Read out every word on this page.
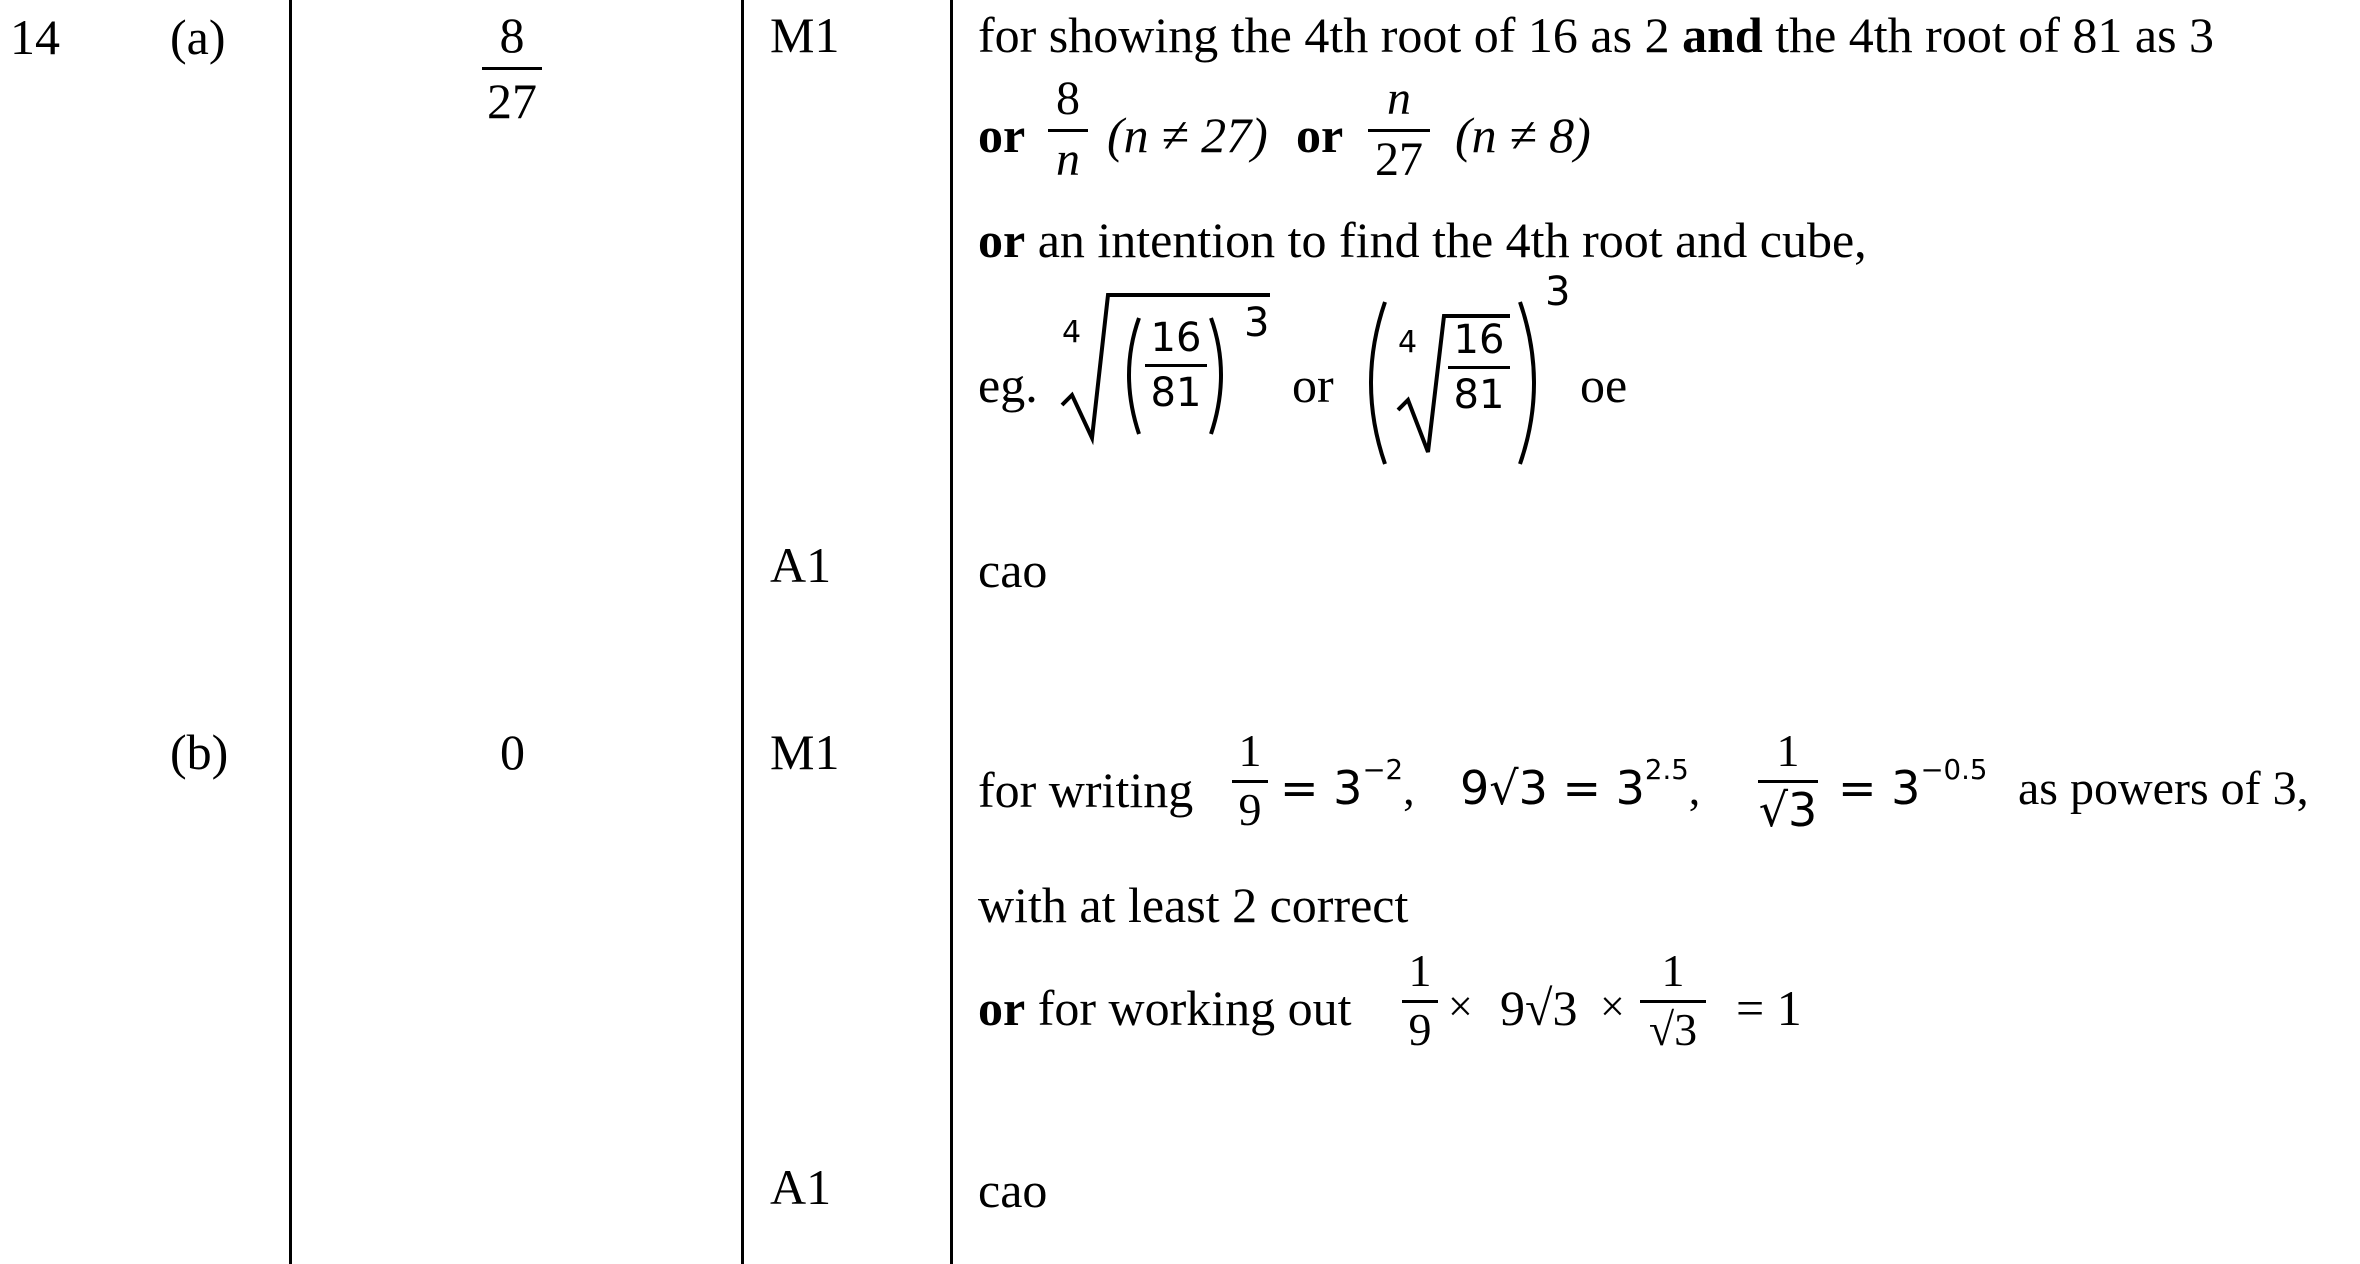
14 (a)
(b)
8
27
0
M1
A1
M1
A1
for showing the 4th root of 16 as 2 and the 4th root of 81 as 3
or
8
n (n ≠ 27) or
n
27 (n ≠ 8)
or an intention to find the 4th root and cube,
eg.
4 16
81
3
or
4 16
81
3
oe
cao
for writing
1
$9 = 3^{-2}$, $9√3 = 3^{2.5}$,
1
$√3 = 3^{-0.5}$ as powers of 3,
with at least 2 correct
or for working out
1
9 × 9√3 ×
1
√3 = 1
cao
